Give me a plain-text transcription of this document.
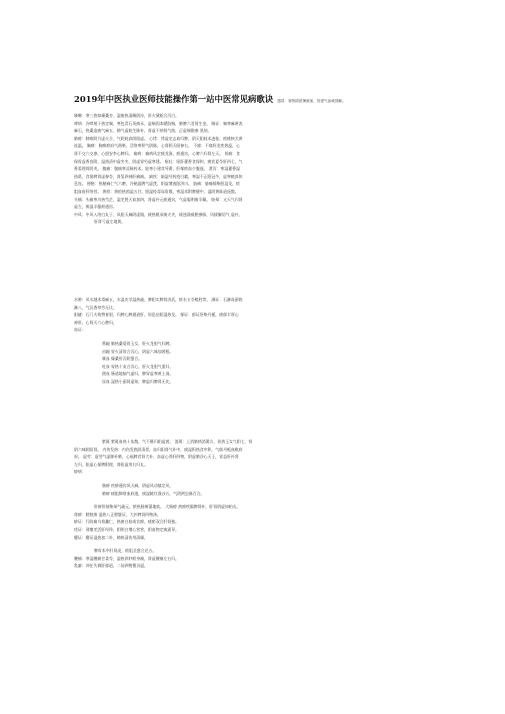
2019年中医执业医师技能操作第一站中医常见病歌诀 感冒：寒热阴虚暑新加，因虚气参威冒解。

咳嗽：寒三热知燥桑杏，湿痰热清解阴沙，肝火黛蛤合泻白。

哮病：冷哮射干热定喘，寒包青石风痰禾，虚喘固本暖肢喘，肺脾六君肾生金。 喘证：喘寒麻黄表

麻石，热桑造痰气麻五，肺气虚耗生脉补，肾虚不纳肾气纳，正虚喘脱参 黑纳。

肺痨：肺痨阴月虚火合，气阴耗真阴阳虚。 心悸：悸虚定志血归脾，阴天阳桂术凌桂，瘀桃核犬黄

连温。 胸痹：胸痹瘀府气滞柴，活络寒积气阴脉，心肾阴天阳参右。 不寐：不寐肝龙疾热温，心

肾不交六交参，心胆安李心脾归。 痫病：痫病风定痰龙涤，瘀通窍，心脾六归肾左天。 胃痛：食

保胃虚香良附，湿热清中虚夹夹，阴虚胃芍虚寒建。 呕吐：呕肝藿香食保和，痰饮夏苓肝四七，气

香姜理胃阴麦。 腹痛：腹痛寒凉脉药术，脏寒小建食导滞，肝郁瘀血少腹逐。 泄泻：寒湿藿香湿

热葛，食保脾胃虚参苓，肾氢四神肝痛痛。 痢疾：痢湿芍药疫白翁，寒湿不正阳冠牛，虚寒桃真休

息连。 便秘：热秘麻仁气六磨，冷秘温脾气虚芪，阴虚增液阳济川。 胁痛：胁痛郁柴胆湿龙，瘀

阻血府肝络营。 黄疸：黄疸热茵湿五甘，胆湿疫毒犀角散，寒湿术附脾健中，湿阴黄陈逍遥散。

头痛：头痛寒川热芎芷，湿羌胜天血加四，肾虚补元瘀通窍，气虚聪明痰半藏。 眩晕：亢天气归肾

虚左，痰湿半藤瘀通窍。

中风：中风入络白丸子，风阳天麻阴虚镇，痰热桃承痰火夹，痰浊涤痰脱参脉，风痰解语气 虚补，

肝肾亏虚左地黄。

水肿：风水越术毒麻五，水湿皮苓湿热疏，脾阳实脾肾济武，瘀水五苓桃胜等。 淋证：石淋血蓟热

淋八，气沉香草劳无比。

阳痿：石门火致赞育胆，归脾心脾通逍肝，惊恐启阳湿热龙。 郁证：郁证肝柴丹栀，痰郁半厚心

神肝，心肾天六心脾归。

血证：

鼻衄 肺热桑菊胃玉女，肝火龙胆气归脾。

齿衄 胃火清胃合泻心，阴虚六味加茜根。

咳血 燥桑肝泻阴蛋合。

吐血 胃热十灰合泻心，肝火龙胆气重归。

便血 肠道地榆气虚归，脾胃虚寒黄土汤。

尿血 湿热小蓟肾虚知，脾虚归脾肾无比。

紫斑 紫斑血热十灰散，气不摄归阴虚茜。 消渴：上消肺热消渴方，胃热玉女气阴七，肾

阴六味阴阳肾。 内伤发热：内伤发热阴清骨，血归阳肾气补中，痰湿积热食中积，气郁丹栀血桃府

府。 虚劳：虚劳气虚肺补肺，心福脾君肾大补，血虚心养肝四物，阴虚肺沙心天王，胃益肝补肾

左归，阳虚心保脾附理，肾阳虚用右归丸。

痹病：

肠痹 疾痹通窍风天麻，阴虚风动镇定风，

肺痹 痰阻肺络血府逐，痰湿桃红涤沙五，气阴两虫脉百合。

肝痹肝郁柴胡气疏元，瘀热肠痹蒲地软。 大肠痹 热痹疾膈脾肾补，肝肾阴虚知柏丸，

肾痹：膀胱痹 湿热八正膀胱证，大补脾肾四物汤。

痹证：行防痛乌着蠡仁，热痹白桂或宣痹，痰瘀双合肝肾独。

痉证：邪壅羌活肝经羚，阴明白增心营营，阴血物定痰涌导。

瘿证：瘿证湿热加二补，肺热清伤用清燥，

脾胃术中肝肾虎，瘀阻圣愈合还五。

腰痛：寒湿腰痛甘姜苓，湿热四妙瘀身痛，肾虚腰痛左右归。

乳癖：冲任失调肝郁逍，二仙四物薯贝逼。
